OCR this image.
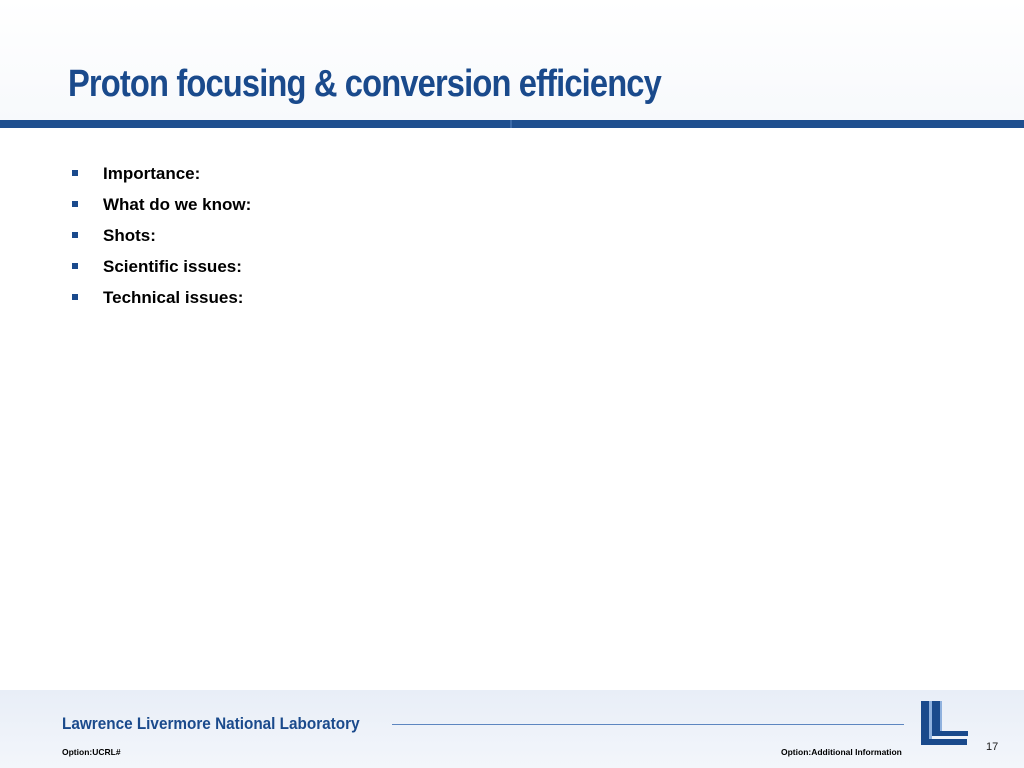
Proton focusing & conversion efficiency
Importance:
What do we know:
Shots:
Scientific issues:
Technical issues:
Lawrence Livermore National Laboratory
Option:UCRL#	Option:Additional Information	17
